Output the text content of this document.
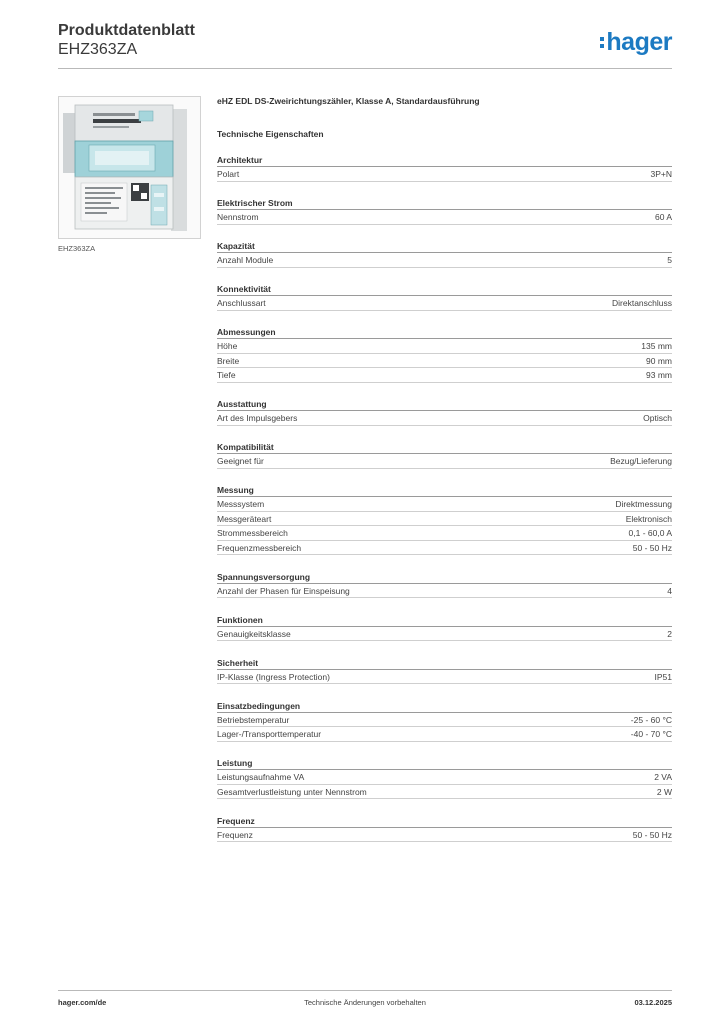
Produktdatenblatt
EHZ363ZA	hager
EHZ363ZA
eHZ EDL DS-Zweirichtungszähler, Klasse A, Standardausführung
Technische Eigenschaften
Architektur
Polart	3P+N
Elektrischer Strom
Nennstrom	60 A
Kapazität
Anzahl Module	5
Konnektivität
Anschlussart	Direktanschluss
Abmessungen
Höhe	135 mm
Breite	90 mm
Tiefe	93 mm
Ausstattung
Art des Impulsgebers	Optisch
Kompatibilität
Geeignet für	Bezug/Lieferung
Messung
Messsystem	Direktmessung
Messgeräteart	Elektronisch
Strommessbereich	0,1 - 60,0 A
Frequenzmessbereich	50 - 50 Hz
Spannungsversorgung
Anzahl der Phasen für Einspeisung	4
Funktionen
Genauigkeitsklasse	2
Sicherheit
IP-Klasse (Ingress Protection)	IP51
Einsatzbedingungen
Betriebstemperatur	-25 - 60 °C
Lager-/Transporttemperatur	-40 - 70 °C
Leistung
Leistungsaufnahme VA	2 VA
Gesamtverlustleistung unter Nennstrom	2 W
Frequenz
Frequenz	50 - 50 Hz
hager.com/de	Technische Änderungen vorbehalten	03.12.2025
